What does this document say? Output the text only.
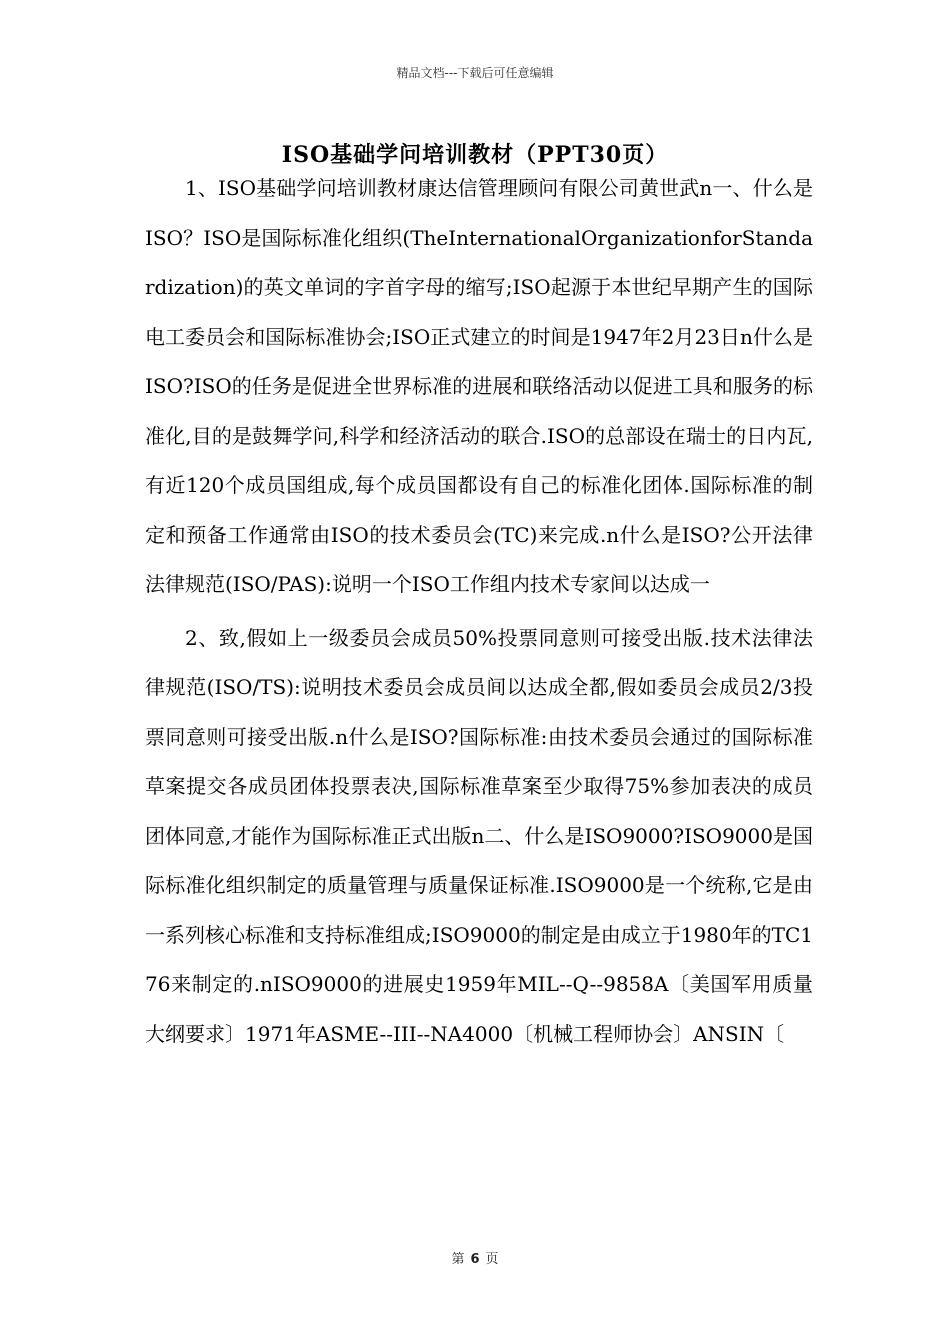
精品文档---下载后可任意编辑
ISO基础学问培训教材（PPT30页）

1、ISO基础学问培训教材康达信管理顾问有限公司黄世武n一、什么是ISO？ISO是国际标准化组织(TheInternationalOrganizationforStandardization)的英文单词的字首字母的缩写;ISO起源于本世纪早期产生的国际电工委员会和国际标准协会;ISO正式建立的时间是1947年2月23日n什么是ISO?ISO的任务是促进全世界标准的进展和联络活动以促进工具和服务的标准化,目的是鼓舞学问,科学和经济活动的联合.ISO的总部设在瑞士的日内瓦,有近120个成员国组成,每个成员国都设有自己的标准化团体.国际标准的制定和预备工作通常由ISO的技术委员会(TC)来完成.n什么是ISO?公开法律法律规范(ISO/PAS):说明一个ISO工作组内技术专家间以达成一

2、致,假如上一级委员会成员50%投票同意则可接受出版.技术法律法律规范(ISO/TS):说明技术委员会成员间以达成全都,假如委员会成员2/3投票同意则可接受出版.n什么是ISO?国际标准:由技术委员会通过的国际标准草案提交各成员团体投票表决,国际标准草案至少取得75%参加表决的成员团体同意,才能作为国际标准正式出版n二、什么是ISO9000?ISO9000是国际标准化组织制定的质量管理与质量保证标准.ISO9000是一个统称,它是由一系列核心标准和支持标准组成;ISO9000的制定是由成立于1980年的TC176来制定的.nISO9000的进展史1959年MIL--Q--9858A〔美国军用质量大纲要求〕1971年ASME--III--NA4000〔机械工程师协会〕ANSIN〔

第 6 页
